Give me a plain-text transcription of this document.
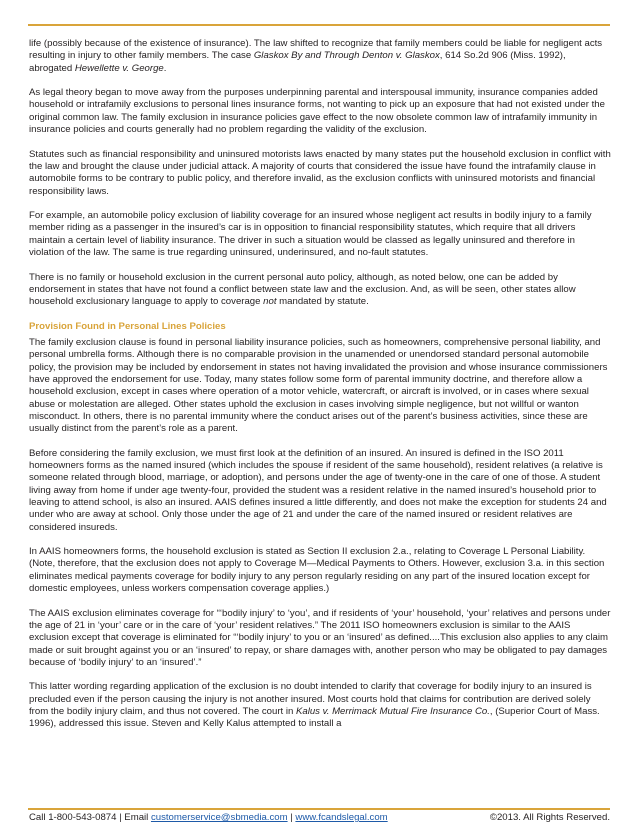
life (possibly because of the existence of insurance). The law shifted to recognize that family members could be liable for negligent acts resulting in injury to other family members. The case Glaskox By and Through Denton v. Glaskox, 614 So.2d 906 (Miss. 1992), abrogated Hewellette v. George.

As legal theory began to move away from the purposes underpinning parental and interspousal immunity, insurance companies added household or intrafamily exclusions to personal lines insurance forms, not wanting to pick up an exposure that had not existed under the original common law. The family exclusion in insurance policies gave effect to the now obsolete common law of intrafamily immunity in insurance policies and courts generally had no problem regarding the validity of the exclusion.

Statutes such as financial responsibility and uninsured motorists laws enacted by many states put the household exclusion in conflict with the law and brought the clause under judicial attack. A majority of courts that considered the issue have found the intrafamily clause in automobile forms to be contrary to public policy, and therefore invalid, as the exclusion conflicts with uninsured motorists and financial responsibility laws.

For example, an automobile policy exclusion of liability coverage for an insured whose negligent act results in bodily injury to a family member riding as a passenger in the insured’s car is in opposition to financial responsibility statutes, which require that all drivers maintain a certain level of liability insurance. The driver in such a situation would be classed as legally uninsured and therefore in violation of the law. The same is true regarding uninsured, underinsured, and no-fault statutes.

There is no family or household exclusion in the current personal auto policy, although, as noted below, one can be added by endorsement in states that have not found a conflict between state law and the exclusion. And, as will be seen, other states allow household exclusionary language to apply to coverage not mandated by statute.

Provision Found in Personal Lines Policies

The family exclusion clause is found in personal liability insurance policies, such as homeowners, comprehensive personal liability, and personal umbrella forms. Although there is no comparable provision in the unamended or unendorsed standard personal automobile policy, the provision may be included by endorsement in states not having invalidated the provision and whose insurance commissioners have approved the endorsement for use. Today, many states follow some form of parental immunity doctrine, and therefore allow a household exclusion, except in cases where operation of a motor vehicle, watercraft, or aircraft is involved, or in cases where sexual abuse or molestation are alleged. Other states uphold the exclusion in cases involving simple negligence, but not willful or wanton misconduct. In others, there is no parental immunity where the conduct arises out of the parent’s business activities, since these are usually distinct from the parent’s role as a parent.

Before considering the family exclusion, we must first look at the definition of an insured. An insured is defined in the ISO 2011 homeowners forms as the named insured (which includes the spouse if resident of the same household), resident relatives (a relative is someone related through blood, marriage, or adoption), and persons under the age of twenty-one in the care of one of those. A student living away from home if under age twenty-four, provided the student was a resident relative in the named insured’s household prior to leaving to attend school, is also an insured. AAIS defines insured a little differently, and does not make the exception for students 24 and under who are away at school. Only those under the age of 21 and under the care of the named insured or resident relatives are considered insureds.

In AAIS homeowners forms, the household exclusion is stated as Section II exclusion 2.a., relating to Coverage L Personal Liability. (Note, therefore, that the exclusion does not apply to Coverage M—Medical Payments to Others. However, exclusion 3.a. in this section eliminates medical payments coverage for bodily injury to any person regularly residing on any part of the insured location except for domestic employees, unless workers compensation coverage applies.)

The AAIS exclusion eliminates coverage for “‘bodily injury’ to ‘you’, and if residents of ‘your’ household, ‘your’ relatives and persons under the age of 21 in ‘your’ care or in the care of ‘your’ resident relatives.” The 2011 ISO homeowners exclusion is similar to the AAIS exclusion except that coverage is eliminated for “‘bodily injury’ to you or an ‘insured’ as defined....This exclusion also applies to any claim made or suit brought against you or an ‘insured’ to repay, or share damages with, another person who may be obligated to pay damages because of ‘bodily injury’ to an ‘insured’.”

This latter wording regarding application of the exclusion is no doubt intended to clarify that coverage for bodily injury to an insured is precluded even if the person causing the injury is not another insured. Most courts hold that claims for contribution are derived solely from the bodily injury claim, and thus not covered. The court in Kalus v. Merrimack Mutual Fire Insurance Co., (Superior Court of Mass. 1996), addressed this issue. Steven and Kelly Kalus attempted to install a

Call 1-800-543-0874 | Email customerservice@sbmedia.com | www.fcandslegal.com	©2013. All Rights Reserved.
